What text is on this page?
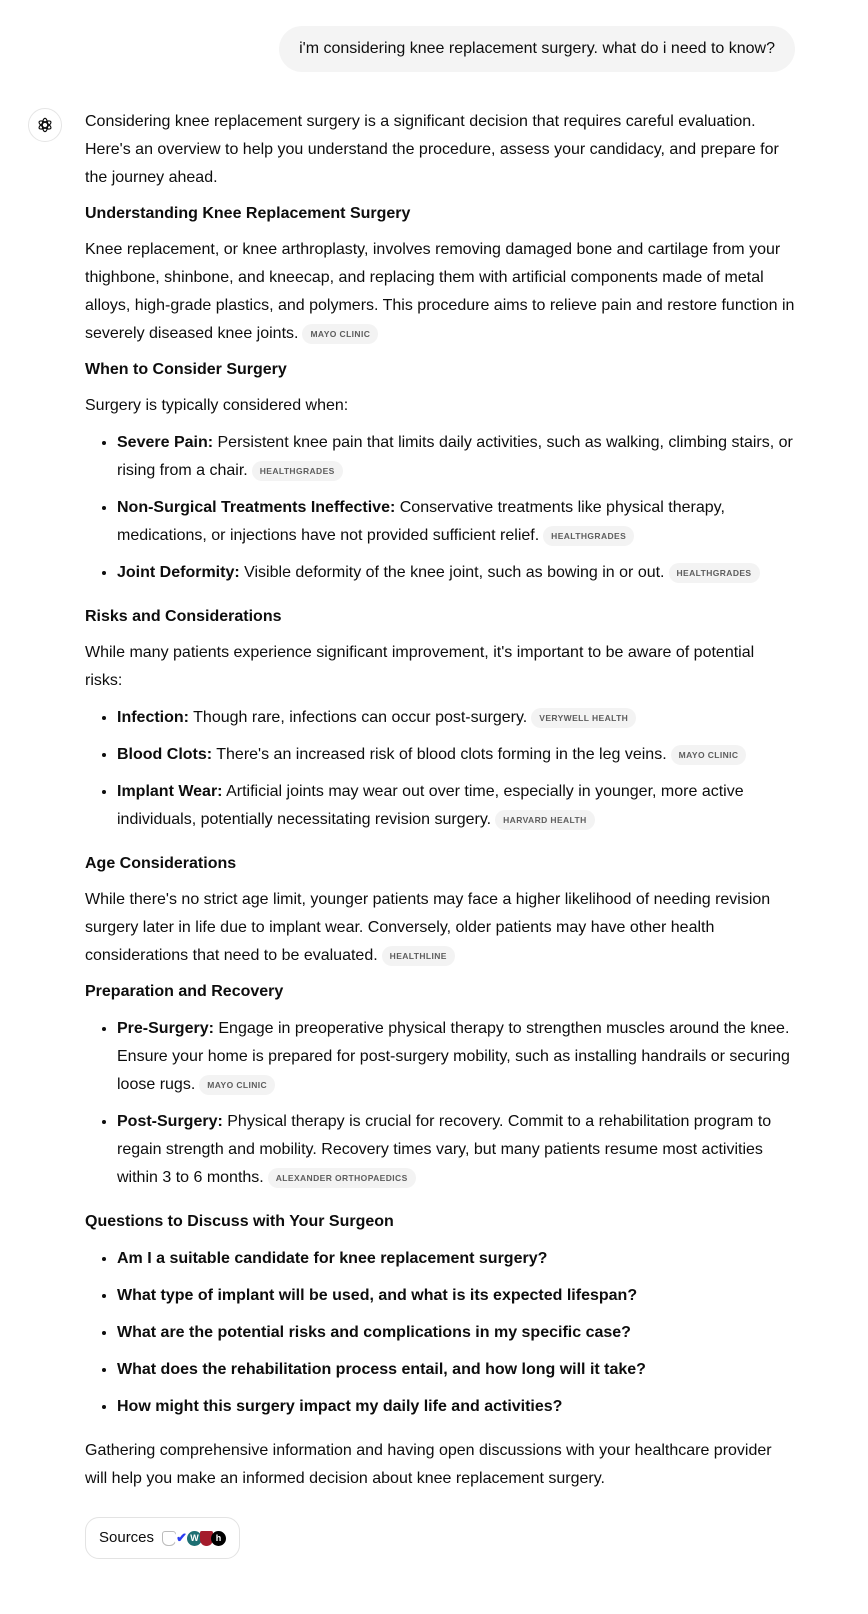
i'm considering knee replacement surgery. what do i need to know?

Considering knee replacement surgery is a significant decision that requires careful evaluation. Here's an overview to help you understand the procedure, assess your candidacy, and prepare for the journey ahead.

Understanding Knee Replacement Surgery

Knee replacement, or knee arthroplasty, involves removing damaged bone and cartilage from your thighbone, shinbone, and kneecap, and replacing them with artificial components made of metal alloys, high-grade plastics, and polymers. This procedure aims to relieve pain and restore function in severely diseased knee joints. MAYO CLINIC

When to Consider Surgery

Surgery is typically considered when:

• Severe Pain: Persistent knee pain that limits daily activities, such as walking, climbing stairs, or rising from a chair. HEALTHGRADES
• Non-Surgical Treatments Ineffective: Conservative treatments like physical therapy, medications, or injections have not provided sufficient relief. HEALTHGRADES
• Joint Deformity: Visible deformity of the knee joint, such as bowing in or out. HEALTHGRADES
Risks and Considerations

While many patients experience significant improvement, it's important to be aware of potential risks:

• Infection: Though rare, infections can occur post-surgery. VERYWELL HEALTH
• Blood Clots: There's an increased risk of blood clots forming in the leg veins. MAYO CLINIC
• Implant Wear: Artificial joints may wear out over time, especially in younger, more active individuals, potentially necessitating revision surgery. HARVARD HEALTH
Age Considerations

While there's no strict age limit, younger patients may face a higher likelihood of needing revision surgery later in life due to implant wear. Conversely, older patients may have other health considerations that need to be evaluated. HEALTHLINE

Preparation and Recovery
• Pre-Surgery: Engage in preoperative physical therapy to strengthen muscles around the knee. Ensure your home is prepared for post-surgery mobility, such as installing handrails or securing loose rugs. MAYO CLINIC
• Post-Surgery: Physical therapy is crucial for recovery. Commit to a rehabilitation program to regain strength and mobility. Recovery times vary, but many patients resume most activities within 3 to 6 months. ALEXANDER ORTHOPAEDICS
Questions to Discuss with Your Surgeon
• Am I a suitable candidate for knee replacement surgery?
• What type of implant will be used, and what is its expected lifespan?
• What are the potential risks and complications in my specific case?
• What does the rehabilitation process entail, and how long will it take?
• How might this surgery impact my daily life and activities?

Gathering comprehensive information and having open discussions with your healthcare provider will help you make an informed decision about knee replacement surgery.

Sources ✔ W	h
